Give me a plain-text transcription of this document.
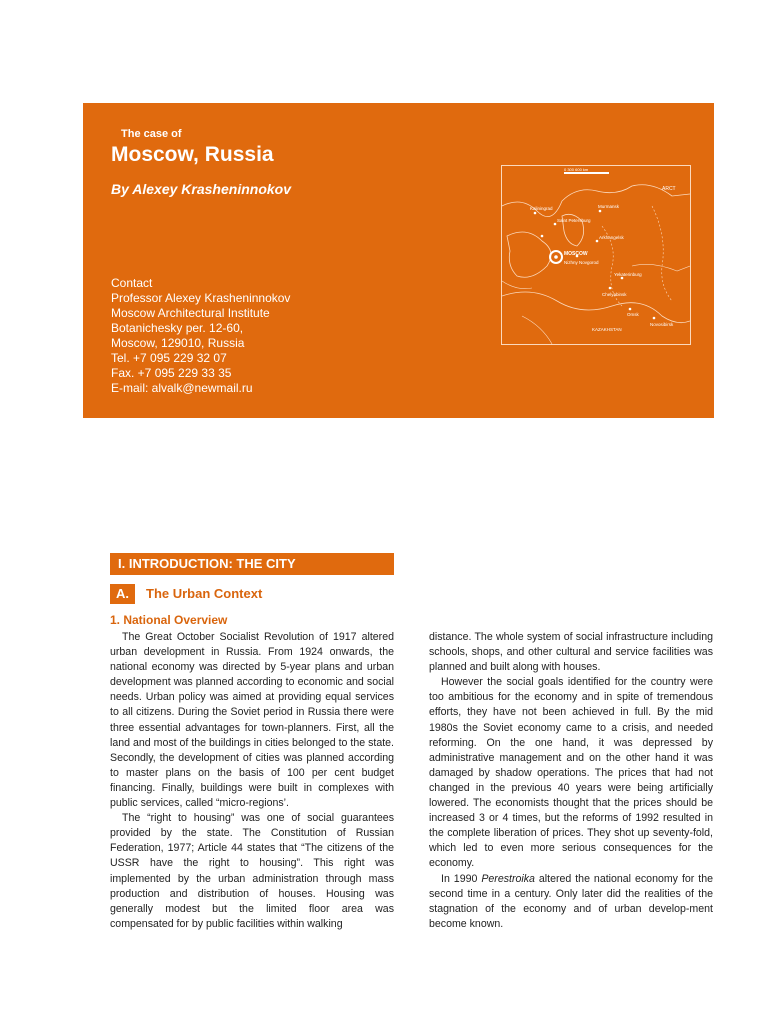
The case of
Moscow, Russia
By Alexey Krasheninnokov
Contact
Professor Alexey Krasheninnokov
Moscow Architectural Institute
Botanichesky per. 12-60,
Moscow, 129010, Russia
Tel. +7 095 229 32 07
Fax. +7 095 229 33 35
E-mail: alvalk@newmail.ru
0 300 600 km
Kaliningrad	Murmansk
Saint Petersburg
Arkhangelsk
MOSCOW
Nizhny Novgorod
Yekaterinburg
Chelyabinsk
Omsk
Novosibirsk
KAZAKHSTAN
ARCT
I. INTRODUCTION: THE CITY
A.	The Urban Context
1. National Overview

The Great October Socialist Revolution of 1917 altered urban development in Russia. From 1924 onwards, the national economy was directed by 5-year plans and urban development was planned according to economic and social needs. Urban policy was aimed at providing equal services to all citizens. During the Soviet period in Russia there were three essential advantages for town-planners. First, all the land and most of the buildings in cities belonged to the state. Secondly, the development of cities was planned according to master plans on the basis of 100 per cent budget financing. Finally, buildings were built in complexes with public services, called “micro-regions’.

The “right to housing” was one of social guarantees provided by the state. The Constitution of Russian Federation, 1977; Article 44 states that “The citizens of the USSR have the right to housing”. This right was implemented by the urban administration through mass production and distribution of houses. Housing was generally modest but the limited floor area was compensated for by public facilities within walking

distance. The whole system of social infrastructure including schools, shops, and other cultural and service facilities was planned and built along with houses.

However the social goals identified for the country were too ambitious for the economy and in spite of tremendous efforts, they have not been achieved in full. By the mid 1980s the Soviet economy came to a crisis, and needed reforming. On the one hand, it was depressed by administrative management and on the other hand it was damaged by shadow operations. The prices that had not changed in the previous 40 years were being artificially lowered. The economists thought that the prices should be increased 3 or 4 times, but the reforms of 1992 resulted in the complete liberation of prices. They shot up seventy-fold, which led to even more serious consequences for the economy.

In 1990 Perestroika altered the national economy for the second time in a century. Only later did the realities of the stagnation of the economy and of urban develop-ment become known.
